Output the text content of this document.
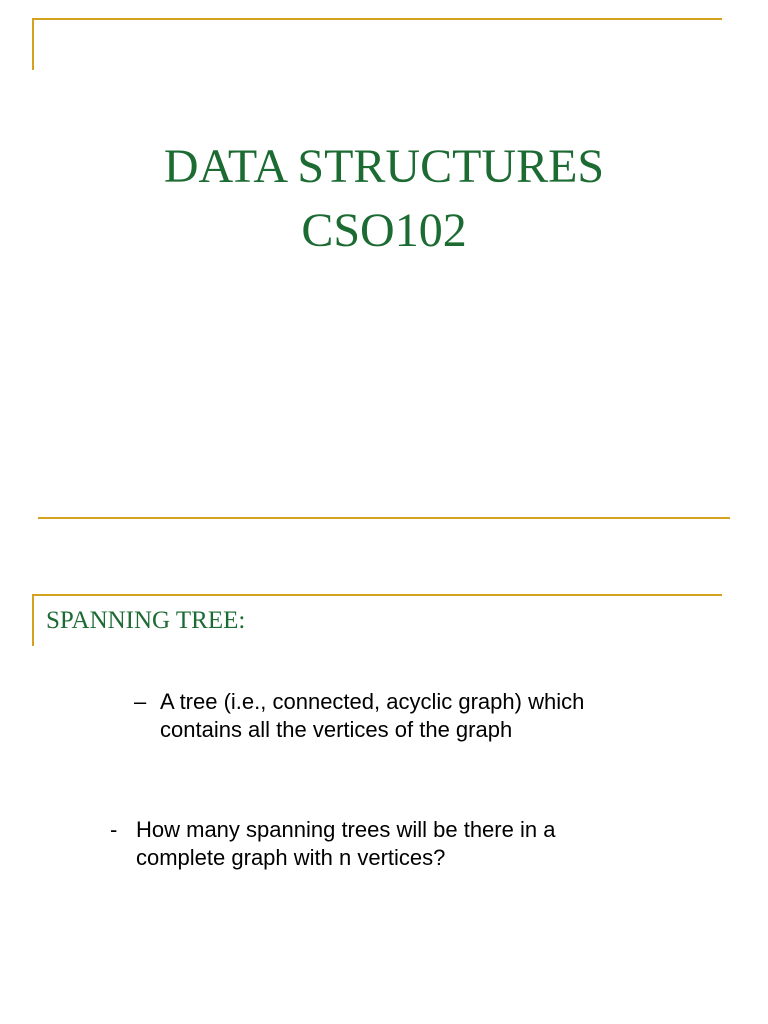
DATA STRUCTURES
CSO102
SPANNING TREE:
– A tree (i.e., connected, acyclic graph) which
contains all the vertices of the graph
- How many spanning trees will be there in a
complete graph with n vertices?
